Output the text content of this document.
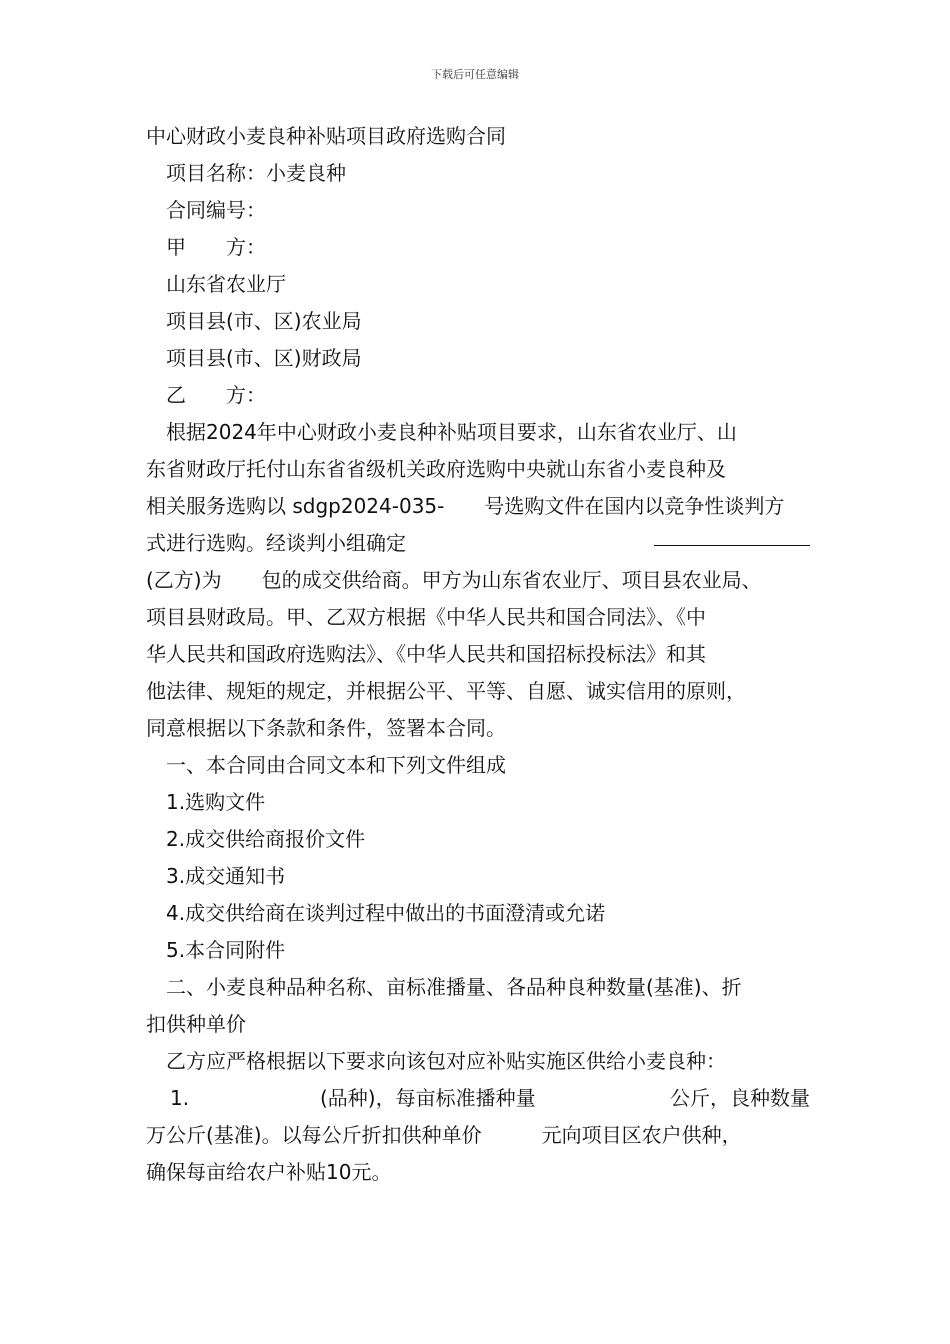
下载后可任意编辑

中心财政小麦良种补贴项目政府选购合同

项目名称：小麦良种

合同编号：

甲　　方：

山东省农业厅

项目县(市、区)农业局

项目县(市、区)财政局

乙　　方：

根据2024年中心财政小麦良种补贴项目要求，山东省农业厅、山

东省财政厅托付山东省省级机关政府选购中央就山东省小麦良种及

相关服务选购以 sdgp2024-035-　　号选购文件在国内以竞争性谈判方

式进行选购。经谈判小组确定

(乙方)为　　包的成交供给商。甲方为山东省农业厅、项目县农业局、

项目县财政局。甲、乙双方根据《中华人民共和国合同法》、《中

华人民共和国政府选购法》、《中华人民共和国招标投标法》和其

他法律、规矩的规定，并根据公平、平等、自愿、诚实信用的原则，

同意根据以下条款和条件，签署本合同。

一、本合同由合同文本和下列文件组成

1.选购文件

2.成交供给商报价文件

3.成交通知书

4.成交供给商在谈判过程中做出的书面澄清或允诺

5.本合同附件

二、小麦良种品种名称、亩标准播量、各品种良种数量(基准)、折

扣供种单价

乙方应严格根据以下要求向该包对应补贴实施区供给小麦良种：

1.	(品种)，每亩标准播种量	公斤，良种数量

万公斤(基准)。以每公斤折扣供种单价　　　元向项目区农户供种，

确保每亩给农户补贴10元。
